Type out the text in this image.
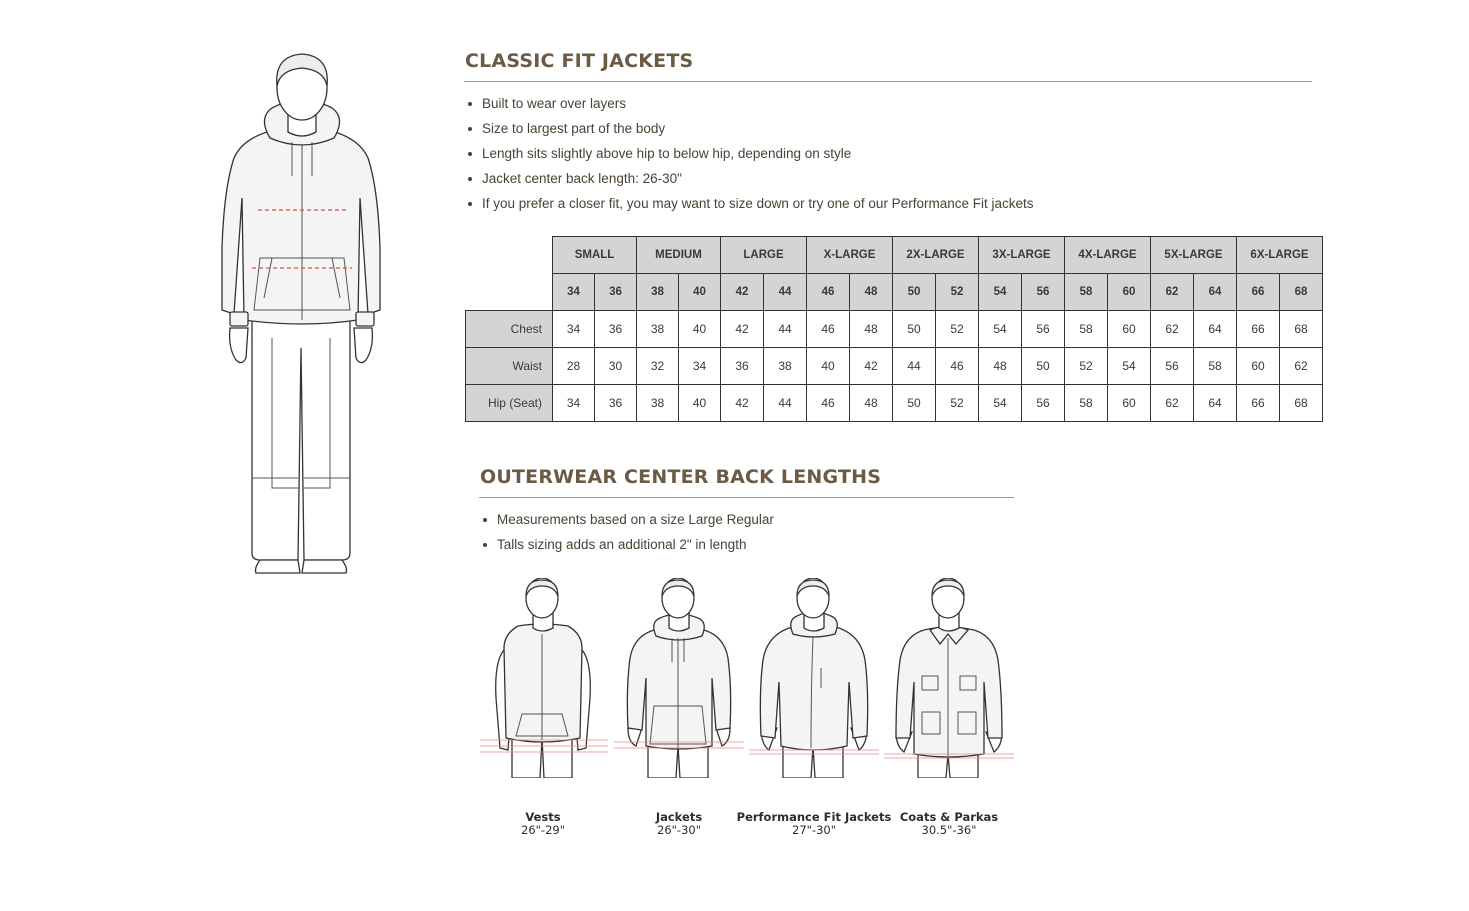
CLASSIC FIT JACKETS
Built to wear over layers
Size to largest part of the body
Length sits slightly above hip to below hip, depending on style
Jacket center back length: 26-30"
If you prefer a closer fit, you may want to size down or try one of our Performance Fit jackets
	SMALL		MEDIUM		LARGE		X-LARGE		2X-LARGE		3X-LARGE		4X-LARGE		5X-LARGE		6X-LARGE	
	34	36	38	40	42	44	46	48	50	52	54	56	58	60	62	64	66	68
Chest	34	36	38	40	42	44	46	48	50	52	54	56	58	60	62	64	66	68
Waist	28	30	32	34	36	38	40	42	44	46	48	50	52	54	56	58	60	62
Hip (Seat)	34	36	38	40	42	44	46	48	50	52	54	56	58	60	62	64	66	68
OUTERWEAR CENTER BACK LENGTHS
Measurements based on a size Large Regular
Talls sizing adds an additional 2" in length
Vests
26"-29"
Jackets
26"-30"
Performance Fit Jackets
27"-30"
Coats & Parkas
30.5"-36"
